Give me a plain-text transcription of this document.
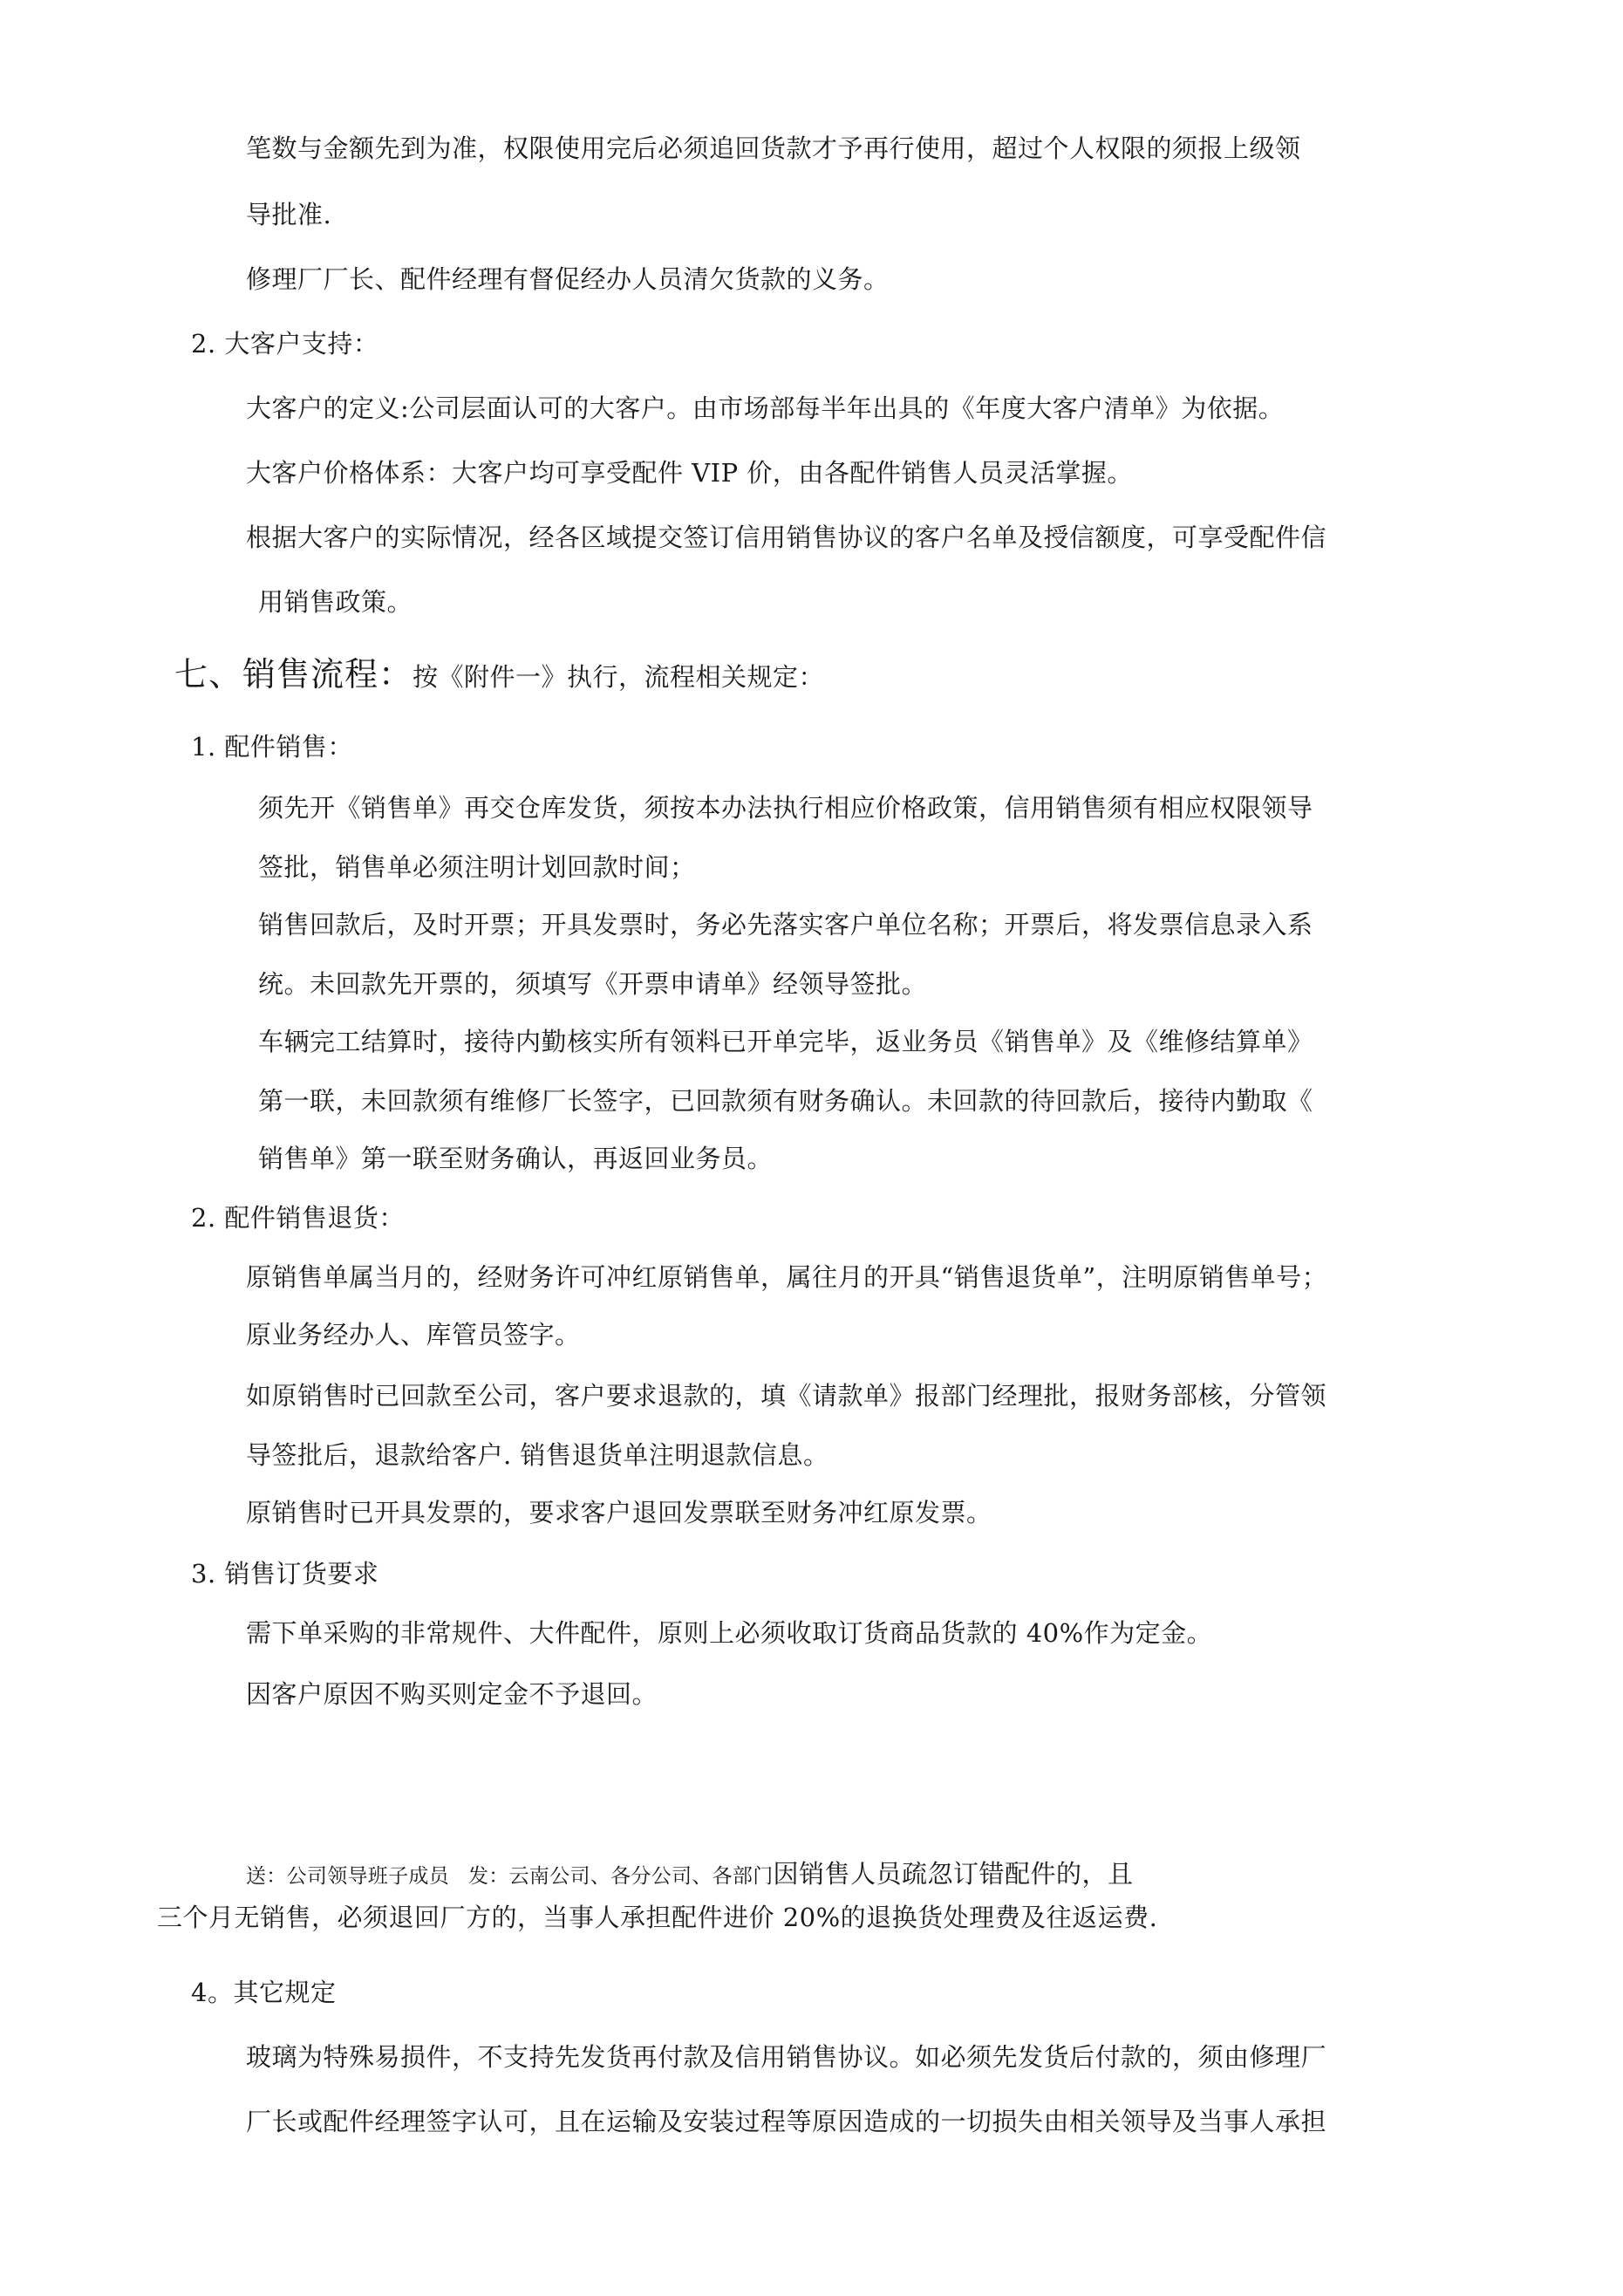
笔数与金额先到为准，权限使用完后必须追回货款才予再行使用，超过个人权限的须报上级领
导批准.
修理厂厂长、配件经理有督促经办人员清欠货款的义务。
2. 大客户支持：
大客户的定义:公司层面认可的大客户。由市场部每半年出具的《年度大客户清单》为依据。
大客户价格体系：大客户均可享受配件 VIP 价，由各配件销售人员灵活掌握。
根据大客户的实际情况，经各区域提交签订信用销售协议的客户名单及授信额度，可享受配件信
用销售政策。
七、销售流程：按《附件一》执行，流程相关规定：
1. 配件销售：
须先开《销售单》再交仓库发货，须按本办法执行相应价格政策，信用销售须有相应权限领导
签批，销售单必须注明计划回款时间；
销售回款后，及时开票；开具发票时，务必先落实客户单位名称；开票后，将发票信息录入系
统。未回款先开票的，须填写《开票申请单》经领导签批。
车辆完工结算时，接待内勤核实所有领料已开单完毕，返业务员《销售单》及《维修结算单》
第一联，未回款须有维修厂长签字，已回款须有财务确认。未回款的待回款后，接待内勤取《
销售单》第一联至财务确认，再返回业务员。
2. 配件销售退货：
原销售单属当月的，经财务许可冲红原销售单，属往月的开具“销售退货单”，注明原销售单号；
原业务经办人、库管员签字。
如原销售时已回款至公司，客户要求退款的，填《请款单》报部门经理批，报财务部核，分管领
导签批后，退款给客户. 销售退货单注明退款信息。
原销售时已开具发票的，要求客户退回发票联至财务冲红原发票。
3. 销售订货要求
需下单采购的非常规件、大件配件，原则上必须收取订货商品货款的 40%作为定金。
因客户原因不购买则定金不予退回。
送：公司领导班子成员 发：云南公司、各分公司、各部门因销售人员疏忽订错配件的，且
三个月无销售，必须退回厂方的，当事人承担配件进价 20%的退换货处理费及往返运费.
4。其它规定
玻璃为特殊易损件，不支持先发货再付款及信用销售协议。如必须先发货后付款的，须由修理厂
厂长或配件经理签字认可，且在运输及安装过程等原因造成的一切损失由相关领导及当事人承担
